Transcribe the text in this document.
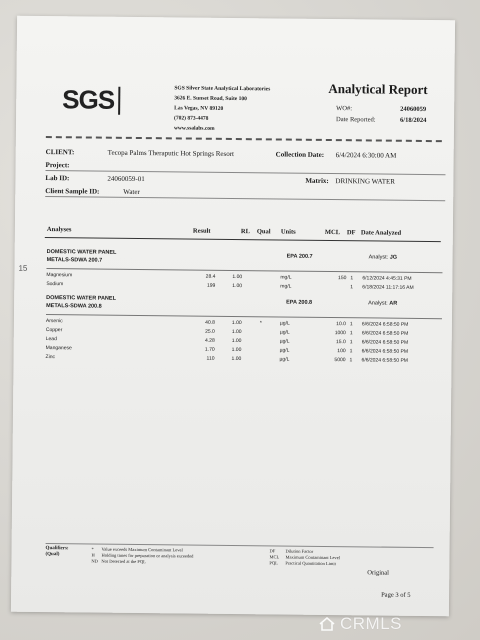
SGS	SGS Silver State Analytical Laboratories
3626 E. Sunset Road, Suite 100
Las Vegas, NV 89120
(702) 873-4478
www.ssalabs.com
Analytical Report
WO#:	24060059
Date Reported:	6/18/2024
CLIENT:	Tecopa Palms Theraputic Hot Springs Resort	Collection Date: 6/4/2024 6:30:00 AM
Project:
Lab ID:	24060059-01	Matrix: DRINKING WATER
Client Sample ID:	Water
Analyses	Result	RL Qual Units	MCL DF Date Analyzed
15
DOMESTIC WATER PANEL
METALS-SDWA 200.7
EPA 200.7	Analyst: JG
Magnesium	28.4	1.00	mg/L	150 1 6/12/2024 4:45:31 PM
Sodium	199	1.00	mg/L	1 6/18/2024 11:17:16 AM
DOMESTIC WATER PANEL
METALS-SDWA 200.8
EPA 200.8	Analyst: AR
Arsenic	40.8	1.00	*	µg/L	10.0 1 6/6/2024 6:58:50 PM
Copper	25.0	1.00	µg/L	1000 1 6/6/2024 6:58:50 PM
Lead	4.28	1.00	µg/L	15.0 1 6/6/2024 6:58:50 PM
Manganese	1.70	1.00	µg/L	100 1 6/6/2024 6:58:50 PM
Zinc	110	1.00	µg/L	5000 1 6/6/2024 6:58:50 PM
Qualifiers:
(Qual)
* Value exceeds Maximum Contaminant Level
H Holding times for preparation or analysis exceeded
ND Not Detected at the PQL
DF Dilution Factor
MCL Maximum Contaminant Level
PQL Practical Quantitation Limit
Original
Page 3 of 5
CRMLS
